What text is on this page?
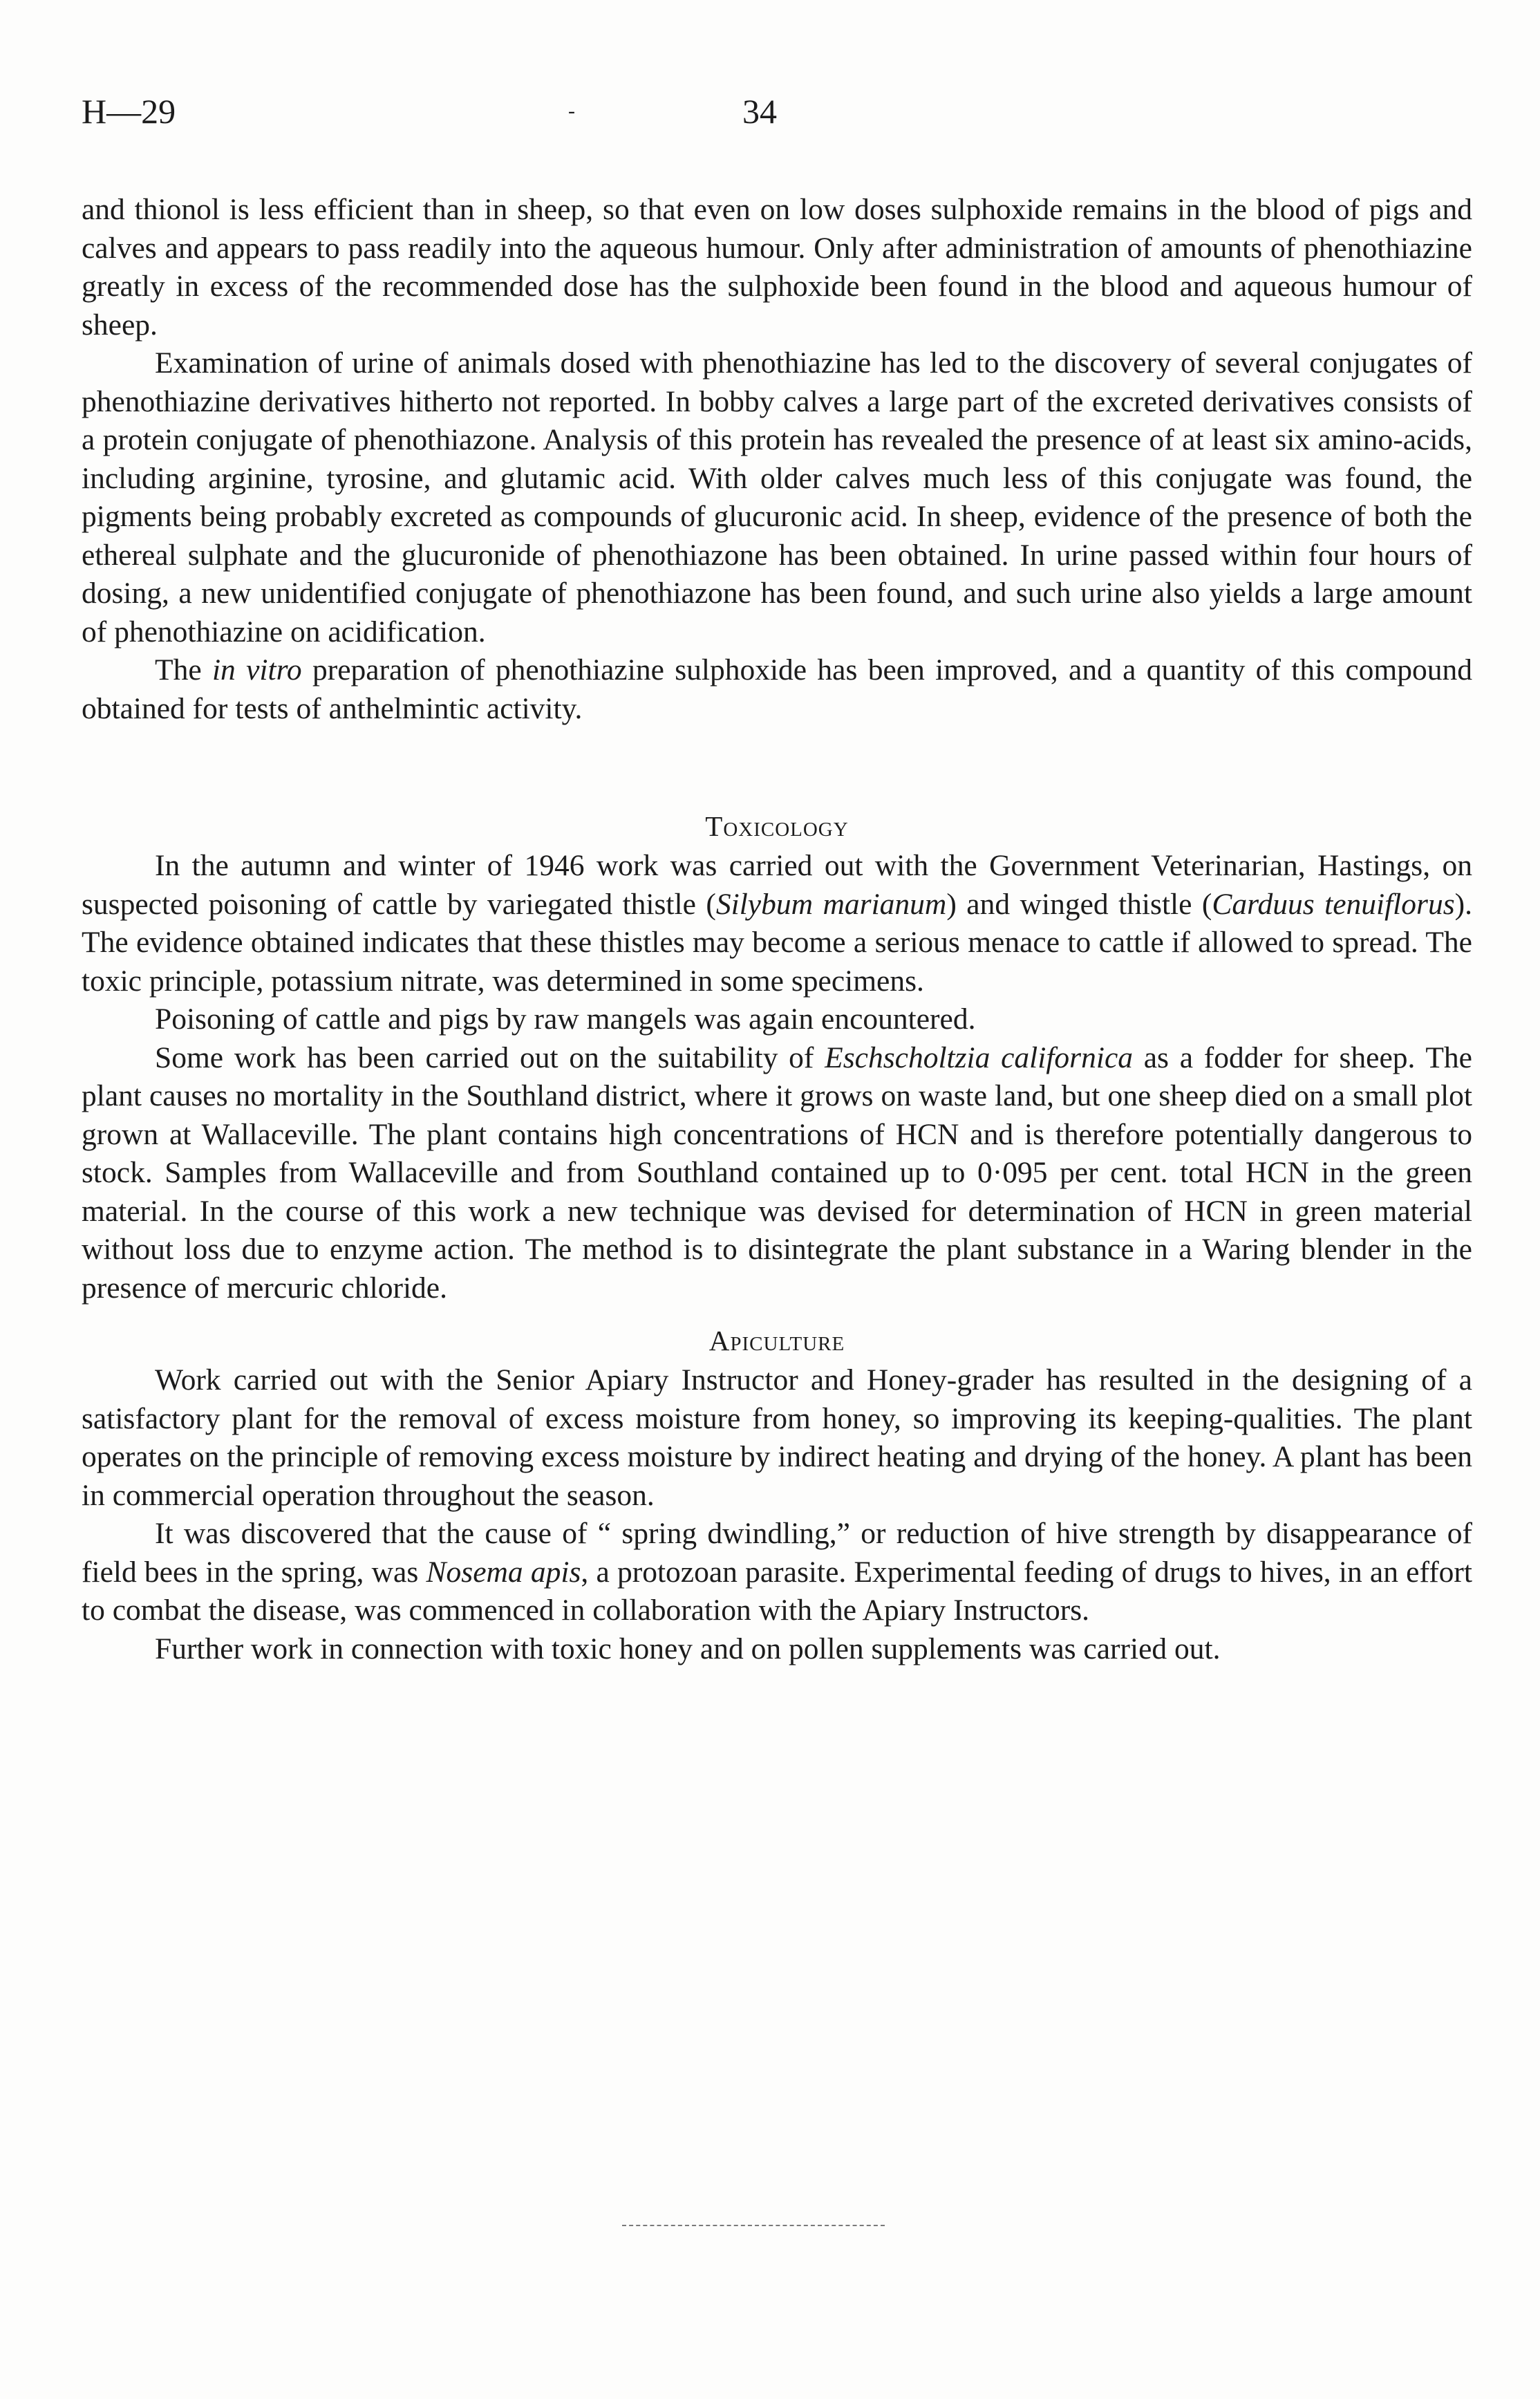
H—29	-	34

and thionol is less efficient than in sheep, so that even on low doses sulphoxide remains in the blood of pigs and calves and appears to pass readily into the aqueous humour. Only after administration of amounts of phenothiazine greatly in excess of the recommended dose has the sulphoxide been found in the blood and aqueous humour of sheep.

Examination of urine of animals dosed with phenothiazine has led to the discovery of several conjugates of phenothiazine derivatives hitherto not reported. In bobby calves a large part of the excreted derivatives consists of a protein conjugate of phenothiazone. Analysis of this protein has revealed the presence of at least six amino-acids, including arginine, tyrosine, and glutamic acid. With older calves much less of this conjugate was found, the pigments being probably excreted as compounds of glucuronic acid. In sheep, evidence of the presence of both the ethereal sulphate and the glucuronide of phenothiazone has been obtained. In urine passed within four hours of dosing, a new unidentified conjugate of phenothiazone has been found, and such urine also yields a large amount of phenothiazine on acidification.

The in vitro preparation of phenothiazine sulphoxide has been improved, and a quantity of this compound obtained for tests of anthelmintic activity.

Toxicology

In the autumn and winter of 1946 work was carried out with the Government Veterinarian, Hastings, on suspected poisoning of cattle by variegated thistle (Silybum marianum) and winged thistle (Carduus tenuiflorus). The evidence obtained indicates that these thistles may become a serious menace to cattle if allowed to spread. The toxic principle, potassium nitrate, was determined in some specimens.

Poisoning of cattle and pigs by raw mangels was again encountered.

Some work has been carried out on the suitability of Eschscholtzia californica as a fodder for sheep. The plant causes no mortality in the Southland district, where it grows on waste land, but one sheep died on a small plot grown at Wallaceville. The plant contains high concentrations of HCN and is therefore potentially dangerous to stock. Samples from Wallaceville and from Southland contained up to 0·095 per cent. total HCN in the green material. In the course of this work a new technique was devised for determination of HCN in green material without loss due to enzyme action. The method is to disintegrate the plant substance in a Waring blender in the presence of mercuric chloride.

Apiculture

Work carried out with the Senior Apiary Instructor and Honey-grader has resulted in the designing of a satisfactory plant for the removal of excess moisture from honey, so improving its keeping-qualities. The plant operates on the principle of removing excess moisture by indirect heating and drying of the honey. A plant has been in commercial operation throughout the season.

It was discovered that the cause of “ spring dwindling,” or reduction of hive strength by disappearance of field bees in the spring, was Nosema apis, a protozoan parasite. Experimental feeding of drugs to hives, in an effort to combat the disease, was commenced in collaboration with the Apiary Instructors.

Further work in connection with toxic honey and on pollen supplements was carried out.
